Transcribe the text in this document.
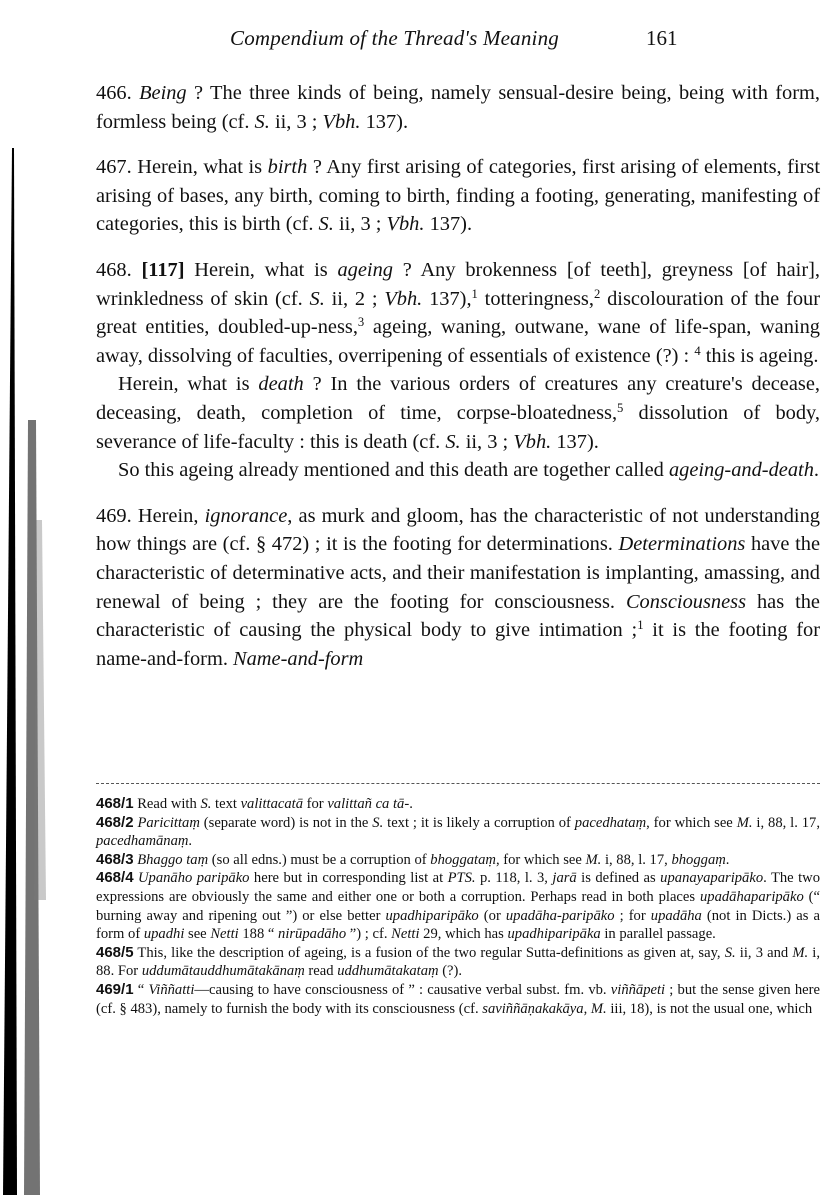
Compendium of the Thread's Meaning	161

466. Being ? The three kinds of being, namely sensual-desire being, being with form, formless being (cf. S. ii, 3 ; Vbh. 137).

467. Herein, what is birth ? Any first arising of categories, first arising of elements, first arising of bases, any birth, coming to birth, finding a footing, generating, manifesting of categories, this is birth (cf. S. ii, 3 ; Vbh. 137).

468. [117] Herein, what is ageing ? Any brokenness [of teeth], greyness [of hair], wrinkledness of skin (cf. S. ii, 2 ; Vbh. 137),$^1$ totteringness,$^2$ discolouration of the four great entities, doubled-up-ness,$^3$ ageing, waning, outwane, wane of life-span, waning away, dissolving of faculties, overripening of essentials of existence (?) : $^4$ this is ageing.

Herein, what is death ? In the various orders of creatures any creature's decease, deceasing, death, completion of time, corpse-bloatedness,$^5$ dissolution of body, severance of life-faculty : this is death (cf. S. ii, 3 ; Vbh. 137).

So this ageing already mentioned and this death are together called ageing-and-death.

469. Herein, ignorance, as murk and gloom, has the characteristic of not understanding how things are (cf. § 472) ; it is the footing for determinations. Determinations have the characteristic of determinative acts, and their manifestation is implanting, amassing, and renewal of being ; they are the footing for consciousness. Consciousness has the characteristic of causing the physical body to give intimation ;$^1$ it is the footing for name-and-form. Name-and-form

468/1 Read with S. text valittacatā for valittañ ca tā-.

468/2 Paricittaṃ (separate word) is not in the S. text ; it is likely a corruption of pacedhataṃ, for which see M. i, 88, l. 17, pacedhamānaṃ.

468/3 Bhaggo taṃ (so all edns.) must be a corruption of bhoggataṃ, for which see M. i, 88, l. 17, bhoggaṃ.

468/4 Upanāho paripāko here but in corresponding list at PTS. p. 118, l. 3, jarā is defined as upanayaparipāko. The two expressions are obviously the same and either one or both a corruption. Perhaps read in both places upadāhaparipāko (“ burning away and ripening out ”) or else better upadhiparipāko (or upadāha-paripāko ; for upadāha (not in Dicts.) as a form of upadhi see Netti 188 “ nirūpadāho ”) ; cf. Netti 29, which has upadhiparipāka in parallel passage.

468/5 This, like the description of ageing, is a fusion of the two regular Sutta-definitions as given at, say, S. ii, 3 and M. i, 88. For uddumātauddhumātakānaṃ read uddhumātakataṃ (?).

469/1 “ Viññatti—causing to have consciousness of ” : causative verbal subst. fm. vb. viññāpeti ; but the sense given here (cf. § 483), namely to furnish the body with its consciousness (cf. saviññāṇakakāya, M. iii, 18), is not the usual one, which
